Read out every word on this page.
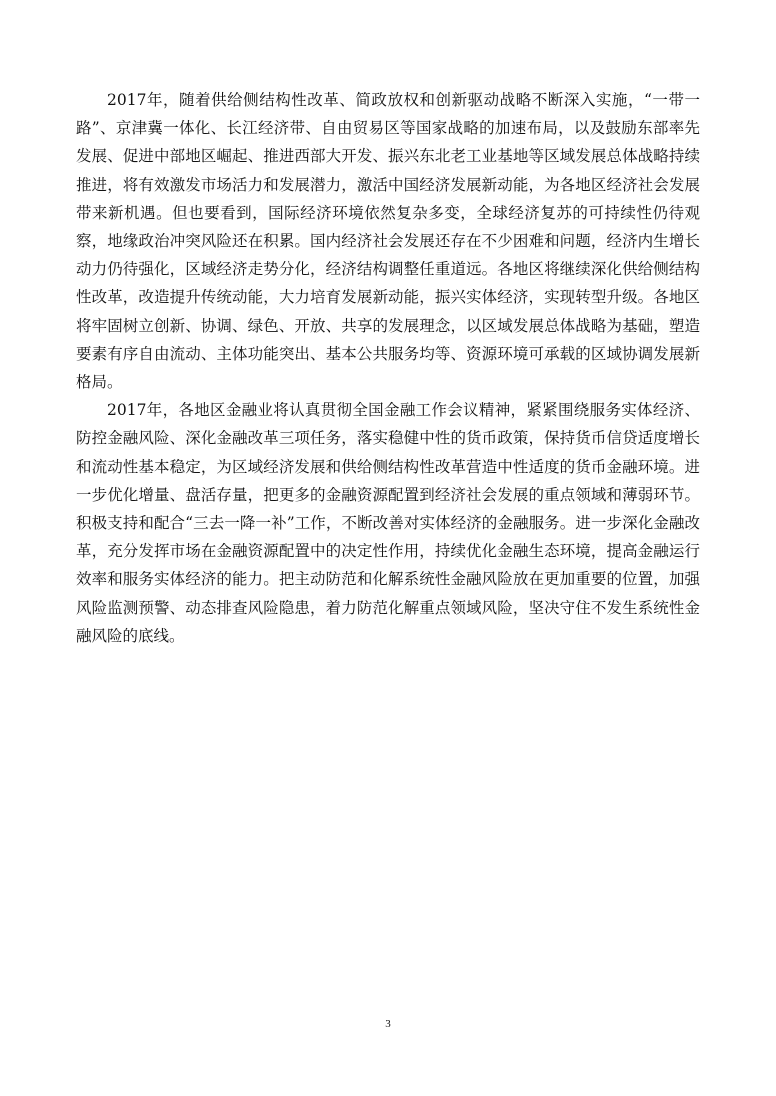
2017年，随着供给侧结构性改革、简政放权和创新驱动战略不断深入实施，“一带一路”、京津冀一体化、长江经济带、自由贸易区等国家战略的加速布局，以及鼓励东部率先发展、促进中部地区崛起、推进西部大开发、振兴东北老工业基地等区域发展总体战略持续推进，将有效激发市场活力和发展潜力，激活中国经济发展新动能，为各地区经济社会发展带来新机遇。但也要看到，国际经济环境依然复杂多变，全球经济复苏的可持续性仍待观察，地缘政治冲突风险还在积累。国内经济社会发展还存在不少困难和问题，经济内生增长动力仍待强化，区域经济走势分化，经济结构调整任重道远。各地区将继续深化供给侧结构性改革，改造提升传统动能，大力培育发展新动能，振兴实体经济，实现转型升级。各地区将牢固树立创新、协调、绿色、开放、共享的发展理念，以区域发展总体战略为基础，塑造要素有序自由流动、主体功能突出、基本公共服务均等、资源环境可承载的区域协调发展新格局。

2017年，各地区金融业将认真贯彻全国金融工作会议精神，紧紧围绕服务实体经济、防控金融风险、深化金融改革三项任务，落实稳健中性的货币政策，保持货币信贷适度增长和流动性基本稳定，为区域经济发展和供给侧结构性改革营造中性适度的货币金融环境。进一步优化增量、盘活存量，把更多的金融资源配置到经济社会发展的重点领域和薄弱环节。积极支持和配合“三去一降一补”工作，不断改善对实体经济的金融服务。进一步深化金融改革，充分发挥市场在金融资源配置中的决定性作用，持续优化金融生态环境，提高金融运行效率和服务实体经济的能力。把主动防范和化解系统性金融风险放在更加重要的位置，加强风险监测预警、动态排查风险隐患，着力防范化解重点领域风险，坚决守住不发生系统性金融风险的底线。

3
